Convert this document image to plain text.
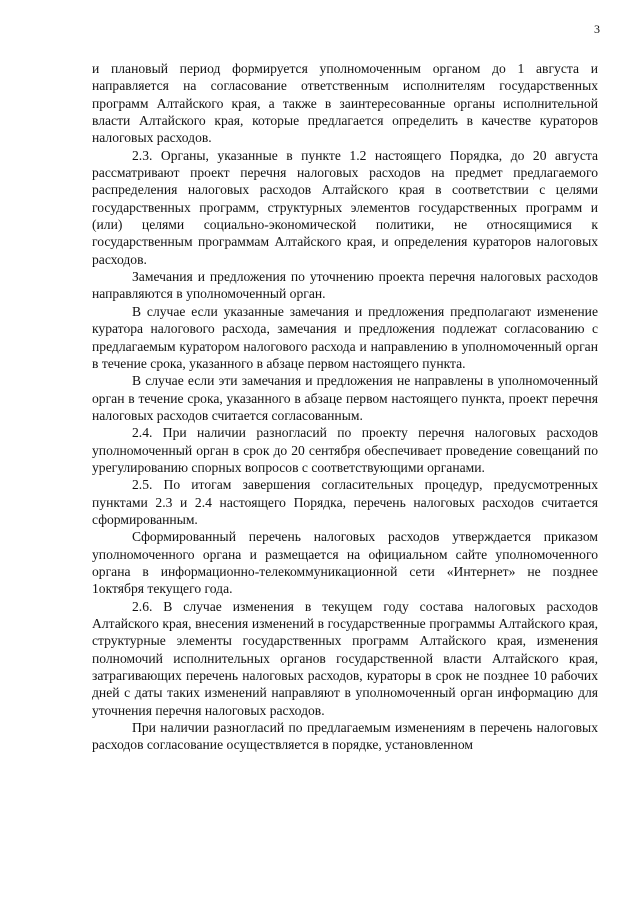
3

и плановый период формируется уполномоченным органом до 1 августа и направляется на согласование ответственным исполнителям государственных программ Алтайского края, а также в заинтересованные органы исполнительной власти Алтайского края, которые предлагается определить в качестве кураторов налоговых расходов.

2.3. Органы, указанные в пункте 1.2 настоящего Порядка, до 20 августа рассматривают проект перечня налоговых расходов на предмет предлагаемого распределения налоговых расходов Алтайского края в соответствии с целями государственных программ, структурных элементов государственных программ и (или) целями социально-экономической политики, не относящимися к государственным программам Алтайского края, и определения кураторов налоговых расходов.

Замечания и предложения по уточнению проекта перечня налоговых расходов направляются в уполномоченный орган.

В случае если указанные замечания и предложения предполагают изменение куратора налогового расхода, замечания и предложения подлежат согласованию с предлагаемым куратором налогового расхода и направлению в уполномоченный орган в течение срока, указанного в абзаце первом настоящего пункта.

В случае если эти замечания и предложения не направлены в уполномоченный орган в течение срока, указанного в абзаце первом настоящего пункта, проект перечня налоговых расходов считается согласованным.

2.4. При наличии разногласий по проекту перечня налоговых расходов уполномоченный орган в срок до 20 сентября обеспечивает проведение совещаний по урегулированию спорных вопросов с соответствующими органами.

2.5. По итогам завершения согласительных процедур, предусмотренных пунктами 2.3 и 2.4 настоящего Порядка, перечень налоговых расходов считается сформированным.

Сформированный перечень налоговых расходов утверждается приказом уполномоченного органа и размещается на официальном сайте уполномоченного органа в информационно-телекоммуникационной сети «Интернет» не позднее 1октября текущего года.

2.6. В случае изменения в текущем году состава налоговых расходов Алтайского края, внесения изменений в государственные программы Алтайского края, структурные элементы государственных программ Алтайского края, изменения полномочий исполнительных органов государственной власти Алтайского края, затрагивающих перечень налоговых расходов, кураторы в срок не позднее 10 рабочих дней с даты таких изменений направляют в уполномоченный орган информацию для уточнения перечня налоговых расходов.

При наличии разногласий по предлагаемым изменениям в перечень налоговых расходов согласование осуществляется в порядке, установленном
